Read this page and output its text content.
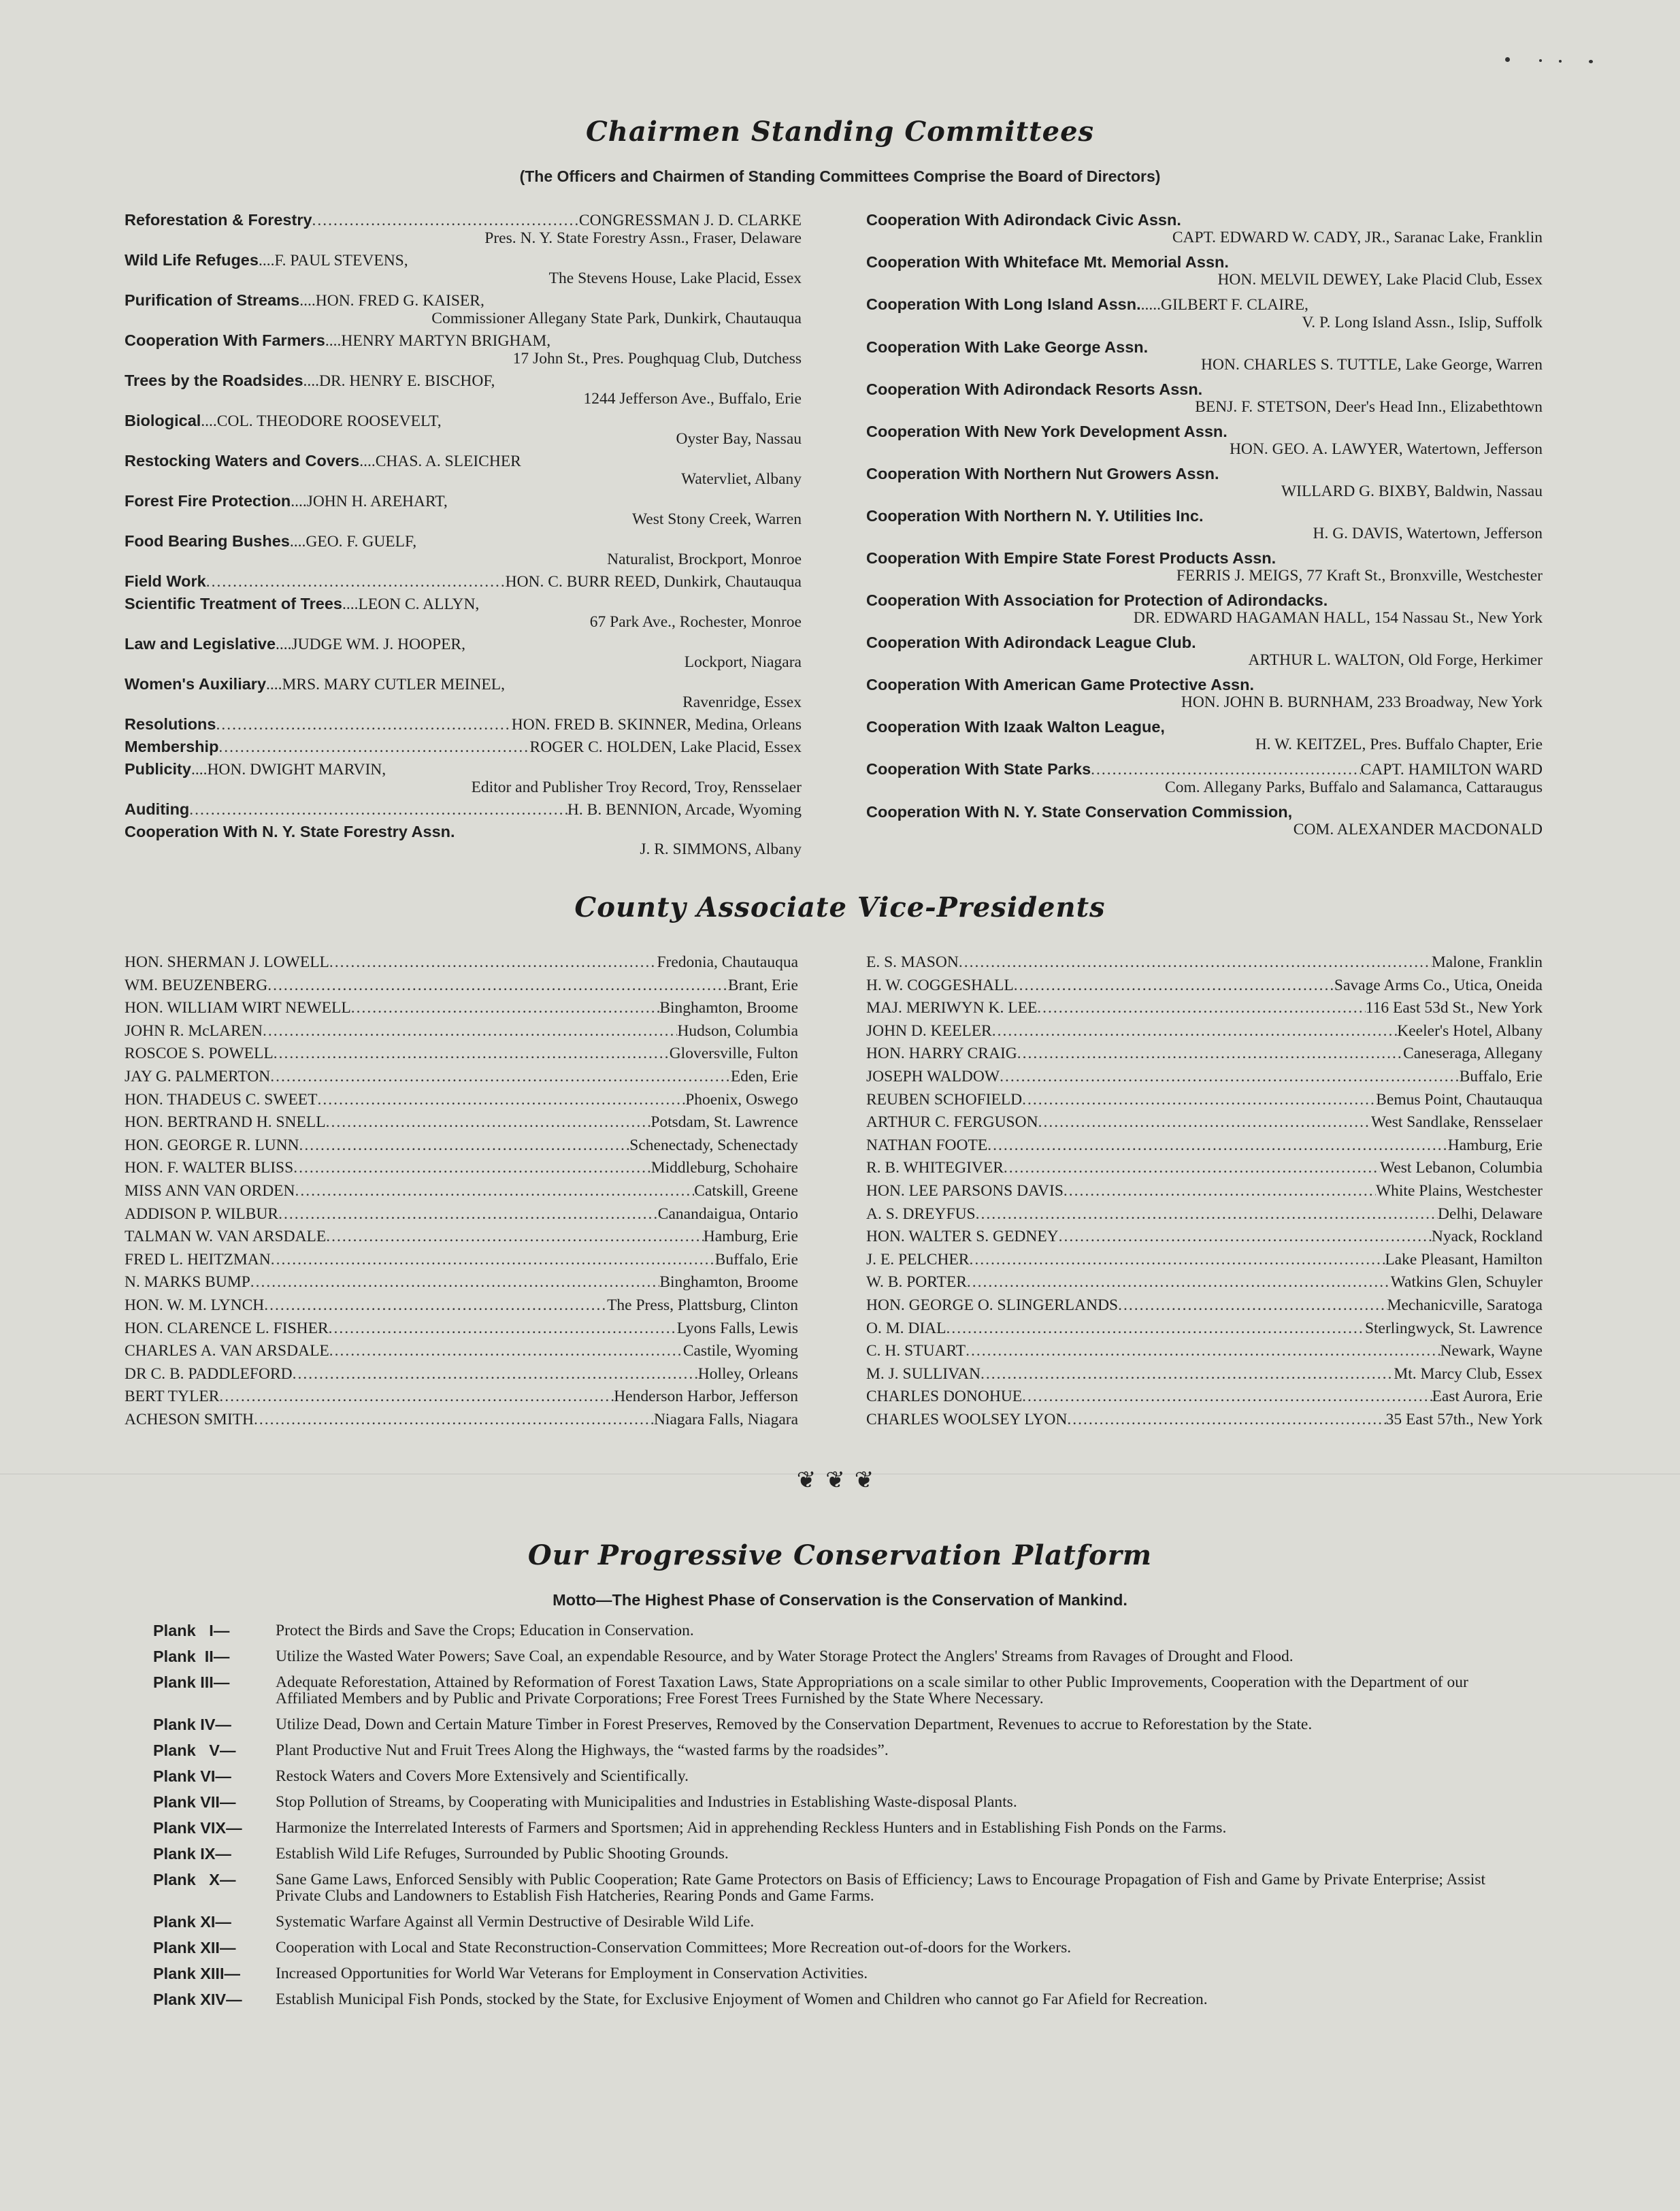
Chairmen Standing Committees
(The Officers and Chairmen of Standing Committees Comprise the Board of Directors)
Reforestation & Forestry .....	CONGRESSMAN J. D. CLARKE
Pres. N. Y. State Forestry Assn., Fraser, Delaware
Wild Life Refuges .... F. PAUL STEVENS,
The Stevens House, Lake Placid, Essex
Purification of Streams .... HON. FRED G. KAISER,
Commissioner Allegany State Park, Dunkirk, Chautauqua
Cooperation With Farmers .... HENRY MARTYN BRIGHAM,
17 John St., Pres. Poughquag Club, Dutchess
Trees by the Roadsides .... DR. HENRY E. BISCHOF,
1244 Jefferson Ave., Buffalo, Erie
Biological .... COL. THEODORE ROOSEVELT,
Oyster Bay, Nassau
Restocking Waters and Covers .... CHAS. A. SLEICHER
Watervliet, Albany
Forest Fire Protection .... JOHN H. AREHART,
West Stony Creek, Warren
Food Bearing Bushes .... GEO. F. GUELF,
Naturalist, Brockport, Monroe
Field Work .....	HON. C. BURR REED, Dunkirk, Chautauqua
Scientific Treatment of Trees .... LEON C. ALLYN,
67 Park Ave., Rochester, Monroe
Law and Legislative .... JUDGE WM. J. HOOPER,
Lockport, Niagara
Women's Auxiliary .... MRS. MARY CUTLER MEINEL,
Ravenridge, Essex
Resolutions .....	HON. FRED B. SKINNER, Medina, Orleans
Membership .....	ROGER C. HOLDEN, Lake Placid, Essex
Publicity .... HON. DWIGHT MARVIN,
Editor and Publisher Troy Record, Troy, Rensselaer
Auditing .....	H. B. BENNION, Arcade, Wyoming
Cooperation With N. Y. State Forestry Assn.
J. R. SIMMONS, Albany
Cooperation With Adirondack Civic Assn.
CAPT. EDWARD W. CADY, JR., Saranac Lake, Franklin
Cooperation With Whiteface Mt. Memorial Assn.
HON. MELVIL DEWEY, Lake Placid Club, Essex
Cooperation With Long Island Assn. ..... GILBERT F. CLAIRE,
V. P. Long Island Assn., Islip, Suffolk
Cooperation With Lake George Assn.
HON. CHARLES S. TUTTLE, Lake George, Warren
Cooperation With Adirondack Resorts Assn.
BENJ. F. STETSON, Deer's Head Inn., Elizabethtown
Cooperation With New York Development Assn.
HON. GEO. A. LAWYER, Watertown, Jefferson
Cooperation With Northern Nut Growers Assn.
WILLARD G. BIXBY, Baldwin, Nassau
Cooperation With Northern N. Y. Utilities Inc.
H. G. DAVIS, Watertown, Jefferson
Cooperation With Empire State Forest Products Assn.
FERRIS J. MEIGS, 77 Kraft St., Bronxville, Westchester
Cooperation With Association for Protection of Adirondacks.
DR. EDWARD HAGAMAN HALL, 154 Nassau St., New York
Cooperation With Adirondack League Club.
ARTHUR L. WALTON, Old Forge, Herkimer
Cooperation With American Game Protective Assn.
HON. JOHN B. BURNHAM, 233 Broadway, New York
Cooperation With Izaak Walton League,
H. W. KEITZEL, Pres. Buffalo Chapter, Erie
Cooperation With State Parks .....	CAPT. HAMILTON WARD
Com. Allegany Parks, Buffalo and Salamanca, Cattaraugus
Cooperation With N. Y. State Conservation Commission,
COM. ALEXANDER MACDONALD
County Associate Vice-Presidents
HON. SHERMAN J. LOWELL .....	Fredonia, Chautauqua
WM. BEUZENBERG .....	Brant, Erie
HON. WILLIAM WIRT NEWELL .....	Binghamton, Broome
JOHN R. McLAREN .....	Hudson, Columbia
ROSCOE S. POWELL .....	Gloversville, Fulton
JAY G. PALMERTON .....	Eden, Erie
HON. THADEUS C. SWEET .....	Phoenix, Oswego
HON. BERTRAND H. SNELL .....	Potsdam, St. Lawrence
HON. GEORGE R. LUNN .....	Schenectady, Schenectady
HON. F. WALTER BLISS .....	Middleburg, Schohaire
MISS ANN VAN ORDEN .....	Catskill, Greene
ADDISON P. WILBUR .....	Canandaigua, Ontario
TALMAN W. VAN ARSDALE .....	Hamburg, Erie
FRED L. HEITZMAN .....	Buffalo, Erie
N. MARKS BUMP .....	Binghamton, Broome
HON. W. M. LYNCH .....	The Press, Plattsburg, Clinton
HON. CLARENCE L. FISHER .....	Lyons Falls, Lewis
CHARLES A. VAN ARSDALE .....	Castile, Wyoming
DR C. B. PADDLEFORD .....	Holley, Orleans
BERT TYLER .....	Henderson Harbor, Jefferson
ACHESON SMITH .....	Niagara Falls, Niagara
E. S. MASON .....	Malone, Franklin
H. W. COGGESHALL .....	Savage Arms Co., Utica, Oneida
MAJ. MERIWYN K. LEE .....	116 East 53d St., New York
JOHN D. KEELER .....	Keeler's Hotel, Albany
HON. HARRY CRAIG .....	Caneseraga, Allegany
JOSEPH WALDOW .....	Buffalo, Erie
REUBEN SCHOFIELD .....	Bemus Point, Chautauqua
ARTHUR C. FERGUSON .....	West Sandlake, Rensselaer
NATHAN FOOTE .....	Hamburg, Erie
R. B. WHITEGIVER .....	West Lebanon, Columbia
HON. LEE PARSONS DAVIS .....	White Plains, Westchester
A. S. DREYFUS .....	Delhi, Delaware
HON. WALTER S. GEDNEY .....	Nyack, Rockland
J. E. PELCHER .....	Lake Pleasant, Hamilton
W. B. PORTER .....	Watkins Glen, Schuyler
HON. GEORGE O. SLINGERLANDS .....	Mechanicville, Saratoga
O. M. DIAL .....	Sterlingwyck, St. Lawrence
C. H. STUART .....	Newark, Wayne
M. J. SULLIVAN .....	Mt. Marcy Club, Essex
CHARLES DONOHUE .....	East Aurora, Erie
CHARLES WOOLSEY LYON .....	35 East 57th., New York
❦❦❦
Our Progressive Conservation Platform
Motto—The Highest Phase of Conservation is the Conservation of Mankind.
Plank   I—	Protect the Birds and Save the Crops; Education in Conservation.
Plank  II—	Utilize the Wasted Water Powers; Save Coal, an expendable Resource, and by Water Storage Protect the Anglers' Streams from Ravages of Drought and Flood.
Plank III—	Adequate Reforestation, Attained by Reformation of Forest Taxation Laws, State Appropriations on a scale similar to other Public Improvements, Cooperation with the Department of our Affiliated Members and by Public and Private Corporations; Free Forest Trees Furnished by the State Where Necessary.
Plank IV—	Utilize Dead, Down and Certain Mature Timber in Forest Preserves, Removed by the Conservation Department, Revenues to accrue to Reforestation by the State.
Plank   V—	Plant Productive Nut and Fruit Trees Along the Highways, the “wasted farms by the roadsides”.
Plank VI—	Restock Waters and Covers More Extensively and Scientifically.
Plank VII—	Stop Pollution of Streams, by Cooperating with Municipalities and Industries in Establishing Waste-disposal Plants.
Plank VIX—	Harmonize the Interrelated Interests of Farmers and Sportsmen; Aid in apprehending Reckless Hunters and in Establishing Fish Ponds on the Farms.
Plank IX—	Establish Wild Life Refuges, Surrounded by Public Shooting Grounds.
Plank   X—	Sane Game Laws, Enforced Sensibly with Public Cooperation; Rate Game Protectors on Basis of Efficiency; Laws to Encourage Propagation of Fish and Game by Private Enterprise; Assist Private Clubs and Landowners to Establish Fish Hatcheries, Rearing Ponds and Game Farms.
Plank XI—	Systematic Warfare Against all Vermin Destructive of Desirable Wild Life.
Plank XII—	Cooperation with Local and State Reconstruction-Conservation Committees; More Recreation out-of-doors for the Workers.
Plank XIII—	Increased Opportunities for World War Veterans for Employment in Conservation Activities.
Plank XIV—	Establish Municipal Fish Ponds, stocked by the State, for Exclusive Enjoyment of Women and Children who cannot go Far Afield for Recreation.
